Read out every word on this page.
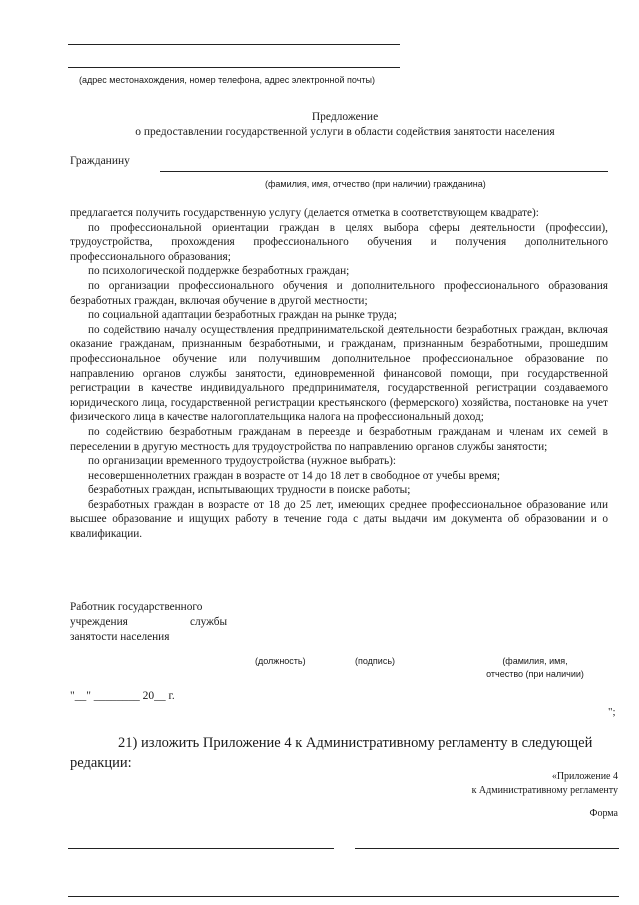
(адрес местонахождения, номер телефона, адрес электронной почты)
Предложение
о предоставлении государственной услуги в области содействия занятости населения
Гражданину
(фамилия, имя, отчество (при наличии) гражданина)

предлагается получить государственную услугу (делается отметка в соответствующем квадрате):

по профессиональной ориентации граждан в целях выбора сферы деятельности (профессии), трудоустройства, прохождения профессионального обучения и получения дополнительного профессионального образования;

по психологической поддержке безработных граждан;

по организации профессионального обучения и дополнительного профессионального образования безработных граждан, включая обучение в другой местности;

по социальной адаптации безработных граждан на рынке труда;

по содействию началу осуществления предпринимательской деятельности безработных граждан, включая оказание гражданам, признанным безработными, и гражданам, признанным безработными, прошедшим профессиональное обучение или получившим дополнительное профессиональное образование по направлению органов службы занятости, единовременной финансовой помощи, при государственной регистрации в качестве индивидуального предпринимателя, государственной регистрации создаваемого юридического лица, государственной регистрации крестьянского (фермерского) хозяйства, постановке на учет физического лица в качестве налогоплательщика налога на профессиональный доход;

по содействию безработным гражданам в переезде и безработным гражданам и членам их семей в переселении в другую местность для трудоустройства по направлению органов службы занятости;

по организации временного трудоустройства (нужное выбрать):

несовершеннолетних граждан в возрасте от 14 до 18 лет в свободное от учебы время;

безработных граждан, испытывающих трудности в поиске работы;

безработных граждан в возрасте от 18 до 25 лет, имеющих среднее профессиональное образование или высшее образование и ищущих работу в течение года с даты выдачи им документа об образовании и о квалификации.

Работник государственного
учреждения	службы
занятости населения
(должность)	(подпись)	(фамилия, имя,
отчество (при наличии)
"__" ________ 20__ г.
";
21) изложить Приложение 4 к Административному регламенту в следующей
редакции:
«Приложение 4
к Административному регламенту
Форма
